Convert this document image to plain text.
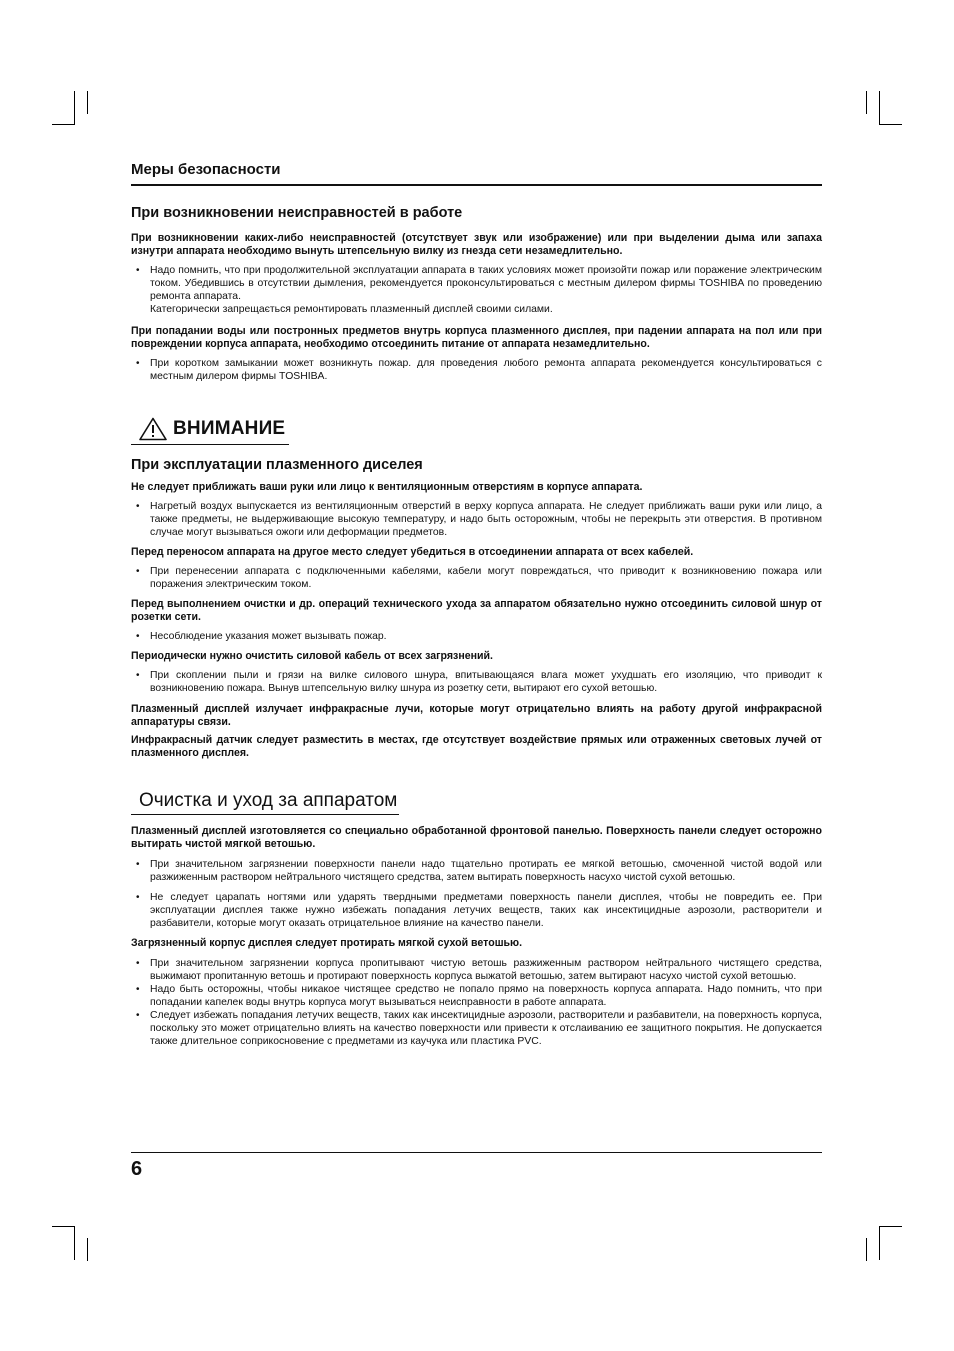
Меры безопасности
При возникновении неисправностей в работе

При возникновении каких-либо неисправностей (отсутствует звук или изображение) или при выделении дыма или запаха изнутри аппарата необходимо вынуть штепсельную вилку из гнезда сети незамедлительно.

• Надо помнить, что при продолжительной эксплуатации аппарата в таких условиях может произойти пожар или поражение электрическим током. Убедившись в отсутствии дымления, рекомендуется проконсультироваться с местным дилером фирмы TOSHIBA по проведению ремонта аппарата.
Категорически запрещається ремонтировать плазменный дисплей своими силами.

При попадании воды или постронных предметов внутрь корпуса плазменного дисплея, при падении аппарата на пол или при повреждении корпуса аппарата, необходимо отсоединить питание от аппарата незамедлительно.

• При коротком замыкании может возникнуть пожар. для проведения любого ремонта аппарата рекомендуется консультироваться с местным дилером фирмы TOSHIBA.
ВНИМАНИЕ
При эксплуатации плазменного диселея

Не следует приближать ваши руки или лицо к вентиляционным отверстиям в корпусе аппарата.

• Нагретый воздух выпускается из вентиляционным отверстий в верху корпуса аппарата. Не следует приближать ваши руки или лицо, а также предметы, не выдерживающие высокую температуру, и надо быть осторожным, чтобы не перекрыть эти отверстия. В противном случае могут вызываться ожоги или деформации предметов.

Перед переносом аппарата на другое место следует убедиться в отсоединении аппарата от всех кабелей.

• При перенесении аппарата с подключенными кабелями, кабели могут повреждаться, что приводит к возникновению пожара или поражения электрическим током.

Перед выполнением очистки и др. операций технического ухода за аппаратом обязательно нужно отсоединить силовой шнур от розетки сети.

• Несоблюдение указания может вызывать пожар.

Периодически нужно очистить силовой кабель от всех загрязнений.

• При скоплении пыли и грязи на вилке силового шнура, впитывающаяся влага может ухудшать его изоляцию, что приводит к возникновению пожара. Вынув штепсельную вилку шнура из розетку сети, вытирают его сухой ветошью.

Плазменный дисплей излучает инфракрасные лучи, которые могут отрицательно влиять на работу другой инфракрасной аппаратуры связи.

Инфракрасный датчик следует разместить в местах, где отсутствует воздействие прямых или отраженных световых лучей от плазменного дисплея.

Очистка и уход за аппаратом

Плазменный дисплей изготовляется со специально обработанной фронтовой панелью. Поверхность панели следует осторожно вытирать чистой мягкой ветошью.

• При значительном загрязнении поверхности панели надо тщательно протирать ее мягкой ветошью, смоченной чистой водой или разжиженным раствором нейтрального чистящего средства, затем вытирать поверхность насухо чистой сухой ветошью.
• Не следует царапать ногтями или ударять твердными предметами поверхность панели дисплея, чтобы не повредить ее. При эксплуатации дисплея также нужно избежать попадания летучих веществ, таких как инсектицидные аэрозоли, растворители и разбавители, которые могут оказать отрицательное влияние на качество панели.

Загрязненный корпус дисплея следует протирать мягкой сухой ветошью.

• При значительном загрязнении корпуса пропитывают чистую ветошь разжиженным раствором нейтрального чистящего средства, выжимают пропитанную ветошь и протирают поверхность корпуса выжатой ветошью, затем вытирают насухо чистой сухой ветошью.
• Надо быть осторожны, чтобы никакое чистящее средство не попало прямо на поверхность корпуса аппарата. Надо помнить, что при попадании капелек воды внутрь корпуса могут вызываться неисправности в работе аппарата.
• Следует избежать попадания летучих веществ, таких как инсектицидные аэрозоли, растворители и разбавители, на поверхность корпуса, поскольку это может отрицательно влиять на качество поверхности или привести к отслаиванию ее защитного покрытия. Не допускается также длительное соприкосновение с предметами из каучука или пластика PVC.
6
